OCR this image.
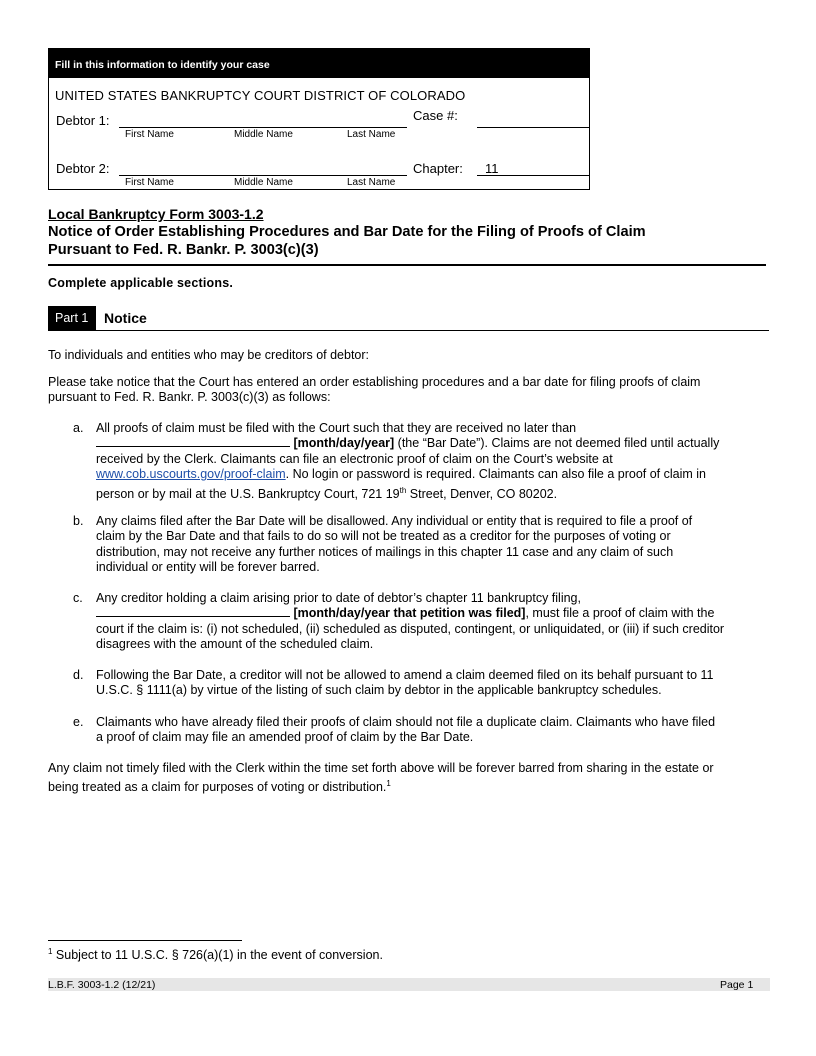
Fill in this information to identify your case
UNITED STATES BANKRUPTCY COURT DISTRICT OF COLORADO
Debtor 1:
First Name	Middle Name	Last Name
Case #:
Debtor 2:
First Name	Middle Name	Last Name
Chapter: 11
Local Bankruptcy Form 3003-1.2
Notice of Order Establishing Procedures and Bar Date for the Filing of Proofs of Claim
Pursuant to Fed. R. Bankr. P. 3003(c)(3)
Complete applicable sections.
Part 1	Notice
To individuals and entities who may be creditors of debtor:
Please take notice that the Court has entered an order establishing procedures and a bar date for filing proofs of claim
pursuant to Fed. R. Bankr. P. 3003(c)(3) as follows:
a. All proofs of claim must be filed with the Court such that they are received no later than
[month/day/year] (the “Bar Date”). Claims are not deemed filed until actually
received by the Clerk. Claimants can file an electronic proof of claim on the Court’s website at
www.cob.uscourts.gov/proof-claim. No login or password is required. Claimants can also file a proof of claim in
person or by mail at the U.S. Bankruptcy Court, 721 19th Street, Denver, CO 80202.
b. Any claims filed after the Bar Date will be disallowed. Any individual or entity that is required to file a proof of
claim by the Bar Date and that fails to do so will not be treated as a creditor for the purposes of voting or
distribution, may not receive any further notices of mailings in this chapter 11 case and any claim of such
individual or entity will be forever barred.
c. Any creditor holding a claim arising prior to date of debtor’s chapter 11 bankruptcy filing,
[month/day/year that petition was filed], must file a proof of claim with the
court if the claim is: (i) not scheduled, (ii) scheduled as disputed, contingent, or unliquidated, or (iii) if such creditor
disagrees with the amount of the scheduled claim.
d. Following the Bar Date, a creditor will not be allowed to amend a claim deemed filed on its behalf pursuant to 11
U.S.C. § 1111(a) by virtue of the listing of such claim by debtor in the applicable bankruptcy schedules.
e. Claimants who have already filed their proofs of claim should not file a duplicate claim. Claimants who have filed
a proof of claim may file an amended proof of claim by the Bar Date.
Any claim not timely filed with the Clerk within the time set forth above will be forever barred from sharing in the estate or
being treated as a claim for purposes of voting or distribution.$^1$
$^1$ Subject to 11 U.S.C. § 726(a)(1) in the event of conversion.
L.B.F. 3003-1.2 (12/21)	Page 1
